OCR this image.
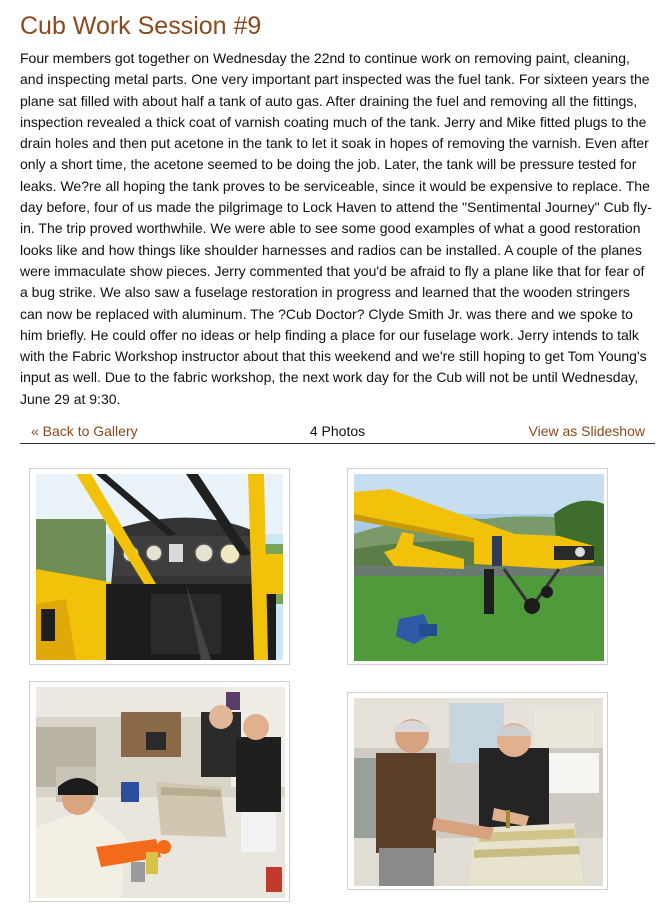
Cub Work Session #9

Four members got together on Wednesday the 22nd to continue work on removing paint, cleaning, and inspecting metal parts. One very important part inspected was the fuel tank. For sixteen years the plane sat filled with about half a tank of auto gas. After draining the fuel and removing all the fittings, inspection revealed a thick coat of varnish coating much of the tank. Jerry and Mike fitted plugs to the drain holes and then put acetone in the tank to let it soak in hopes of removing the varnish. Even after only a short time, the acetone seemed to be doing the job. Later, the tank will be pressure tested for leaks. We?re all hoping the tank proves to be serviceable, since it would be expensive to replace. The day before, four of us made the pilgrimage to Lock Haven to attend the "Sentimental Journey" Cub fly-in. The trip proved worthwhile. We were able to see some good examples of what a good restoration looks like and how things like shoulder harnesses and radios can be installed. A couple of the planes were immaculate show pieces. Jerry commented that you'd be afraid to fly a plane like that for fear of a bug strike. We also saw a fuselage restoration in progress and learned that the wooden stringers can now be replaced with aluminum. The ?Cub Doctor? Clyde Smith Jr. was there and we spoke to him briefly. He could offer no ideas or help finding a place for our fuselage work. Jerry intends to talk with the Fabric Workshop instructor about that this weekend and we're still hoping to get Tom Young's input as well. Due to the fabric workshop, the next work day for the Cub will not be until Wednesday, June 29 at 9:30.

« Back to Gallery	4 Photos	View as Slideshow
